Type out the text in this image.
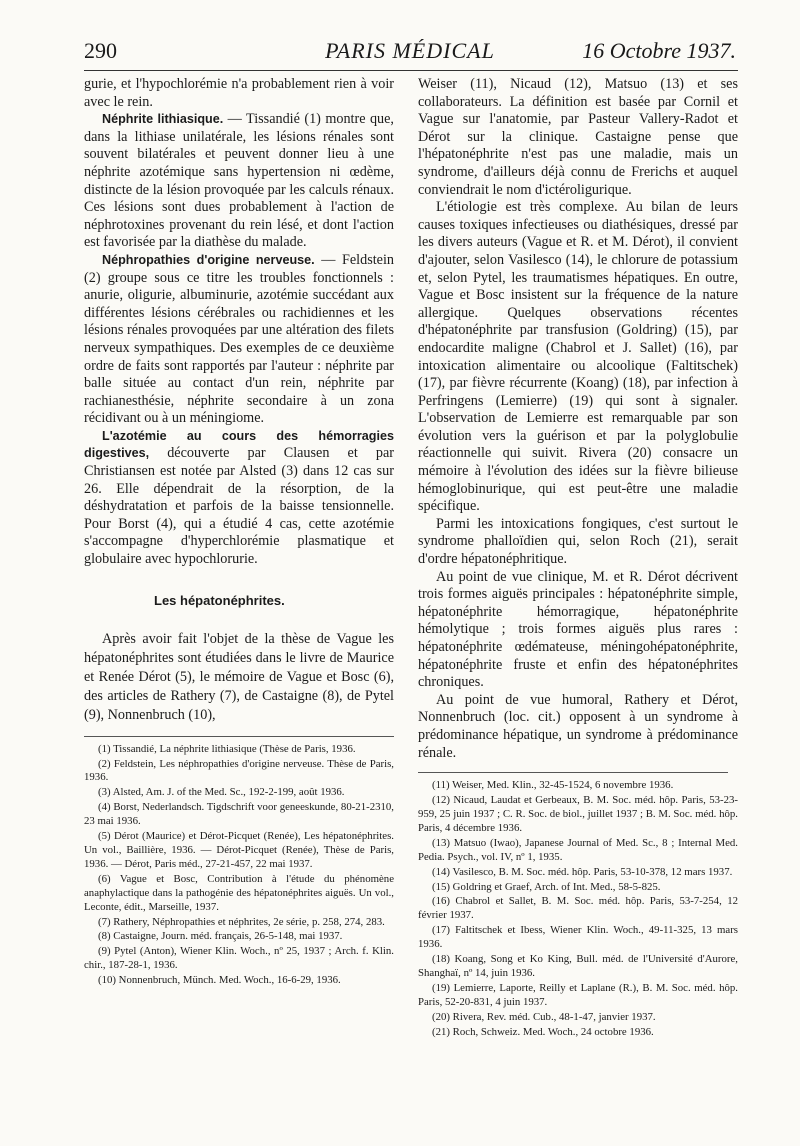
290	PARIS MÉDICAL	16 Octobre 1937.

gurie, et l'hypochlorémie n'a probablement rien à voir avec le rein.

Néphrite lithiasique. — Tissandié (1) montre que, dans la lithiase unilatérale, les lésions rénales sont souvent bilatérales et peuvent donner lieu à une néphrite azotémique sans hypertension ni œdème, distincte de la lésion provoquée par les calculs rénaux. Ces lésions sont dues probablement à l'action de néphrotoxines provenant du rein lésé, et dont l'action est favorisée par la diathèse du malade.

Néphropathies d'origine nerveuse. — Feldstein (2) groupe sous ce titre les troubles fonctionnels : anurie, oligurie, albuminurie, azotémie succédant aux différentes lésions cérébrales ou rachidiennes et les lésions rénales provoquées par une altération des filets nerveux sympathiques. Des exemples de ce deuxième ordre de faits sont rapportés par l'auteur : néphrite par balle située au contact d'un rein, néphrite par rachianesthésie, néphrite secondaire à un zona récidivant ou à un méningiome.

L'azotémie au cours des hémorragies digestives, découverte par Clausen et par Christiansen est notée par Alsted (3) dans 12 cas sur 26. Elle dépendrait de la résorption, de la déshydratation et parfois de la baisse tensionnelle. Pour Borst (4), qui a étudié 4 cas, cette azotémie s'accompagne d'hyperchlorémie plasmatique et globulaire avec hypochlorurie.

Les hépatonéphrites.

Après avoir fait l'objet de la thèse de Vague les hépatonéphrites sont étudiées dans le livre de Maurice et Renée Dérot (5), le mémoire de Vague et Bosc (6), des articles de Rathery (7), de Castaigne (8), de Pytel (9), Nonnenbruch (10),

(1) Tissandié, La néphrite lithiasique (Thèse de Paris, 1936.

(2) Feldstein, Les néphropathies d'origine nerveuse. Thèse de Paris, 1936.

(3) Alsted, Am. J. of the Med. Sc., 192-2-199, août 1936.

(4) Borst, Nederlandsch. Tigdschrift voor geneeskunde, 80-21-2310, 23 mai 1936.

(5) Dérot (Maurice) et Dérot-Picquet (Renée), Les hépatonéphrites. Un vol., Baillière, 1936. — Dérot-Picquet (Renée), Thèse de Paris, 1936. — Dérot, Paris méd., 27-21-457, 22 mai 1937.

(6) Vague et Bosc, Contribution à l'étude du phénomène anaphylactique dans la pathogénie des hépatonéphrites aiguës. Un vol., Leconte, édit., Marseille, 1937.

(7) Rathery, Néphropathies et néphrites, 2e série, p. 258, 274, 283.

(8) Castaigne, Journ. méd. français, 26-5-148, mai 1937.

(9) Pytel (Anton), Wiener Klin. Woch., nº 25, 1937 ; Arch. f. Klin. chir., 187-28-1, 1936.

(10) Nonnenbruch, Münch. Med. Woch., 16-6-29, 1936.

Weiser (11), Nicaud (12), Matsuo (13) et ses collaborateurs. La définition est basée par Cornil et Vague sur l'anatomie, par Pasteur Vallery-Radot et Dérot sur la clinique. Castaigne pense que l'hépatonéphrite n'est pas une maladie, mais un syndrome, d'ailleurs déjà connu de Frerichs et auquel conviendrait le nom d'ictéroligurique.

L'étiologie est très complexe. Au bilan de leurs causes toxiques infectieuses ou diathésiques, dressé par les divers auteurs (Vague et R. et M. Dérot), il convient d'ajouter, selon Vasilesco (14), le chlorure de potassium et, selon Pytel, les traumatismes hépatiques. En outre, Vague et Bosc insistent sur la fréquence de la nature allergique. Quelques observations récentes d'hépatonéphrite par transfusion (Goldring) (15), par endocardite maligne (Chabrol et J. Sallet) (16), par intoxication alimentaire ou alcoolique (Faltitschek) (17), par fièvre récurrente (Koang) (18), par infection à Perfringens (Lemierre) (19) qui sont à signaler. L'observation de Lemierre est remarquable par son évolution vers la guérison et par la polyglobulie réactionnelle qui suivit. Rivera (20) consacre un mémoire à l'évolution des idées sur la fièvre bilieuse hémoglobinurique, qui est peut-être une maladie spécifique.

Parmi les intoxications fongiques, c'est surtout le syndrome phalloïdien qui, selon Roch (21), serait d'ordre hépatonéphritique.

Au point de vue clinique, M. et R. Dérot décrivent trois formes aiguës principales : hépatonéphrite simple, hépatonéphrite hémorragique, hépatonéphrite hémolytique ; trois formes aiguës plus rares : hépatonéphrite œdémateuse, méningohépatonéphrite, hépatonéphrite fruste et enfin des hépatonéphrites chroniques.

Au point de vue humoral, Rathery et Dérot, Nonnenbruch (loc. cit.) opposent à un syndrome à prédominance hépatique, un syndrome à prédominance rénale.

(11) Weiser, Med. Klin., 32-45-1524, 6 novembre 1936.

(12) Nicaud, Laudat et Gerbeaux, B. M. Soc. méd. hôp. Paris, 53-23-959, 25 juin 1937 ; C. R. Soc. de biol., juillet 1937 ; B. M. Soc. méd. hôp. Paris, 4 décembre 1936.

(13) Matsuo (Iwao), Japanese Journal of Med. Sc., 8 ; Internal Med. Pedia. Psych., vol. IV, nº 1, 1935.

(14) Vasilesco, B. M. Soc. méd. hôp. Paris, 53-10-378, 12 mars 1937.

(15) Goldring et Graef, Arch. of Int. Med., 58-5-825.

(16) Chabrol et Sallet, B. M. Soc. méd. hôp. Paris, 53-7-254, 12 février 1937.

(17) Faltitschek et Ibess, Wiener Klin. Woch., 49-11-325, 13 mars 1936.

(18) Koang, Song et Ko King, Bull. méd. de l'Université d'Aurore, Shanghaï, nº 14, juin 1936.

(19) Lemierre, Laporte, Reilly et Laplane (R.), B. M. Soc. méd. hôp. Paris, 52-20-831, 4 juin 1937.

(20) Rivera, Rev. méd. Cub., 48-1-47, janvier 1937.

(21) Roch, Schweiz. Med. Woch., 24 octobre 1936.
